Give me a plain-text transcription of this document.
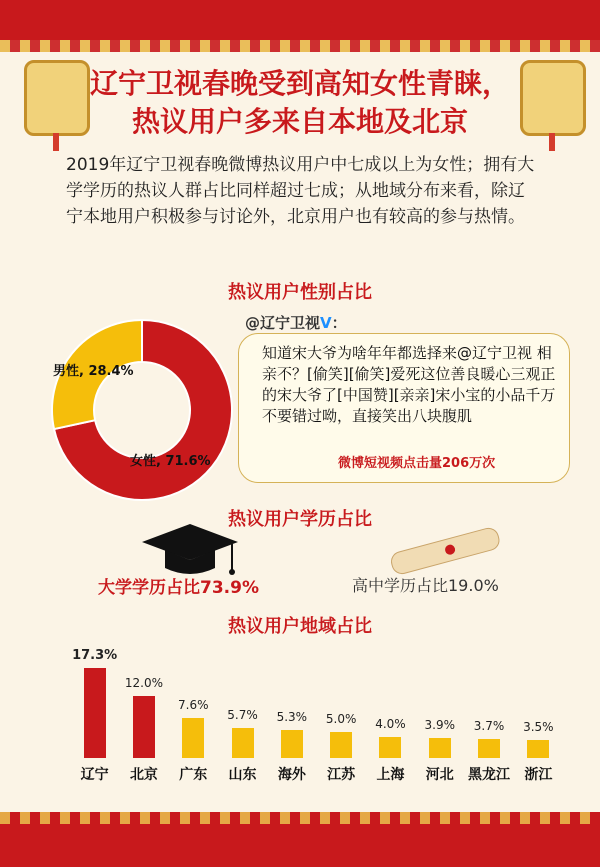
辽宁卫视春晚受到高知女性青睐，
热议用户多来自本地及北京
2019年辽宁卫视春晚微博热议用户中七成以上为女性；拥有大学学历的热议人群占比同样超过七成；从地域分布来看，除辽宁本地用户积极参与讨论外，北京用户也有较高的参与热情。
热议用户性别占比
男性, 28.4%
女性, 71.6%
@辽宁卫视V：
知道宋大爷为啥年年都选择来@辽宁卫视 相亲不？[偷笑][偷笑]爱死这位善良暖心三观正的宋大爷了[中国赞][亲亲]宋小宝的小品千万不要错过呦，直接笑出八块腹肌
微博短视频点击量206万次
热议用户学历占比
大学学历占比73.9%	高中学历占比19.0%
热议用户地域占比
17.3%
辽宁
12.0%
北京
7.6%
广东
5.7%
山东
5.3%
海外
5.0%
江苏
4.0%
上海
3.9%
河北
3.7%
黑龙江
3.5%
浙江
